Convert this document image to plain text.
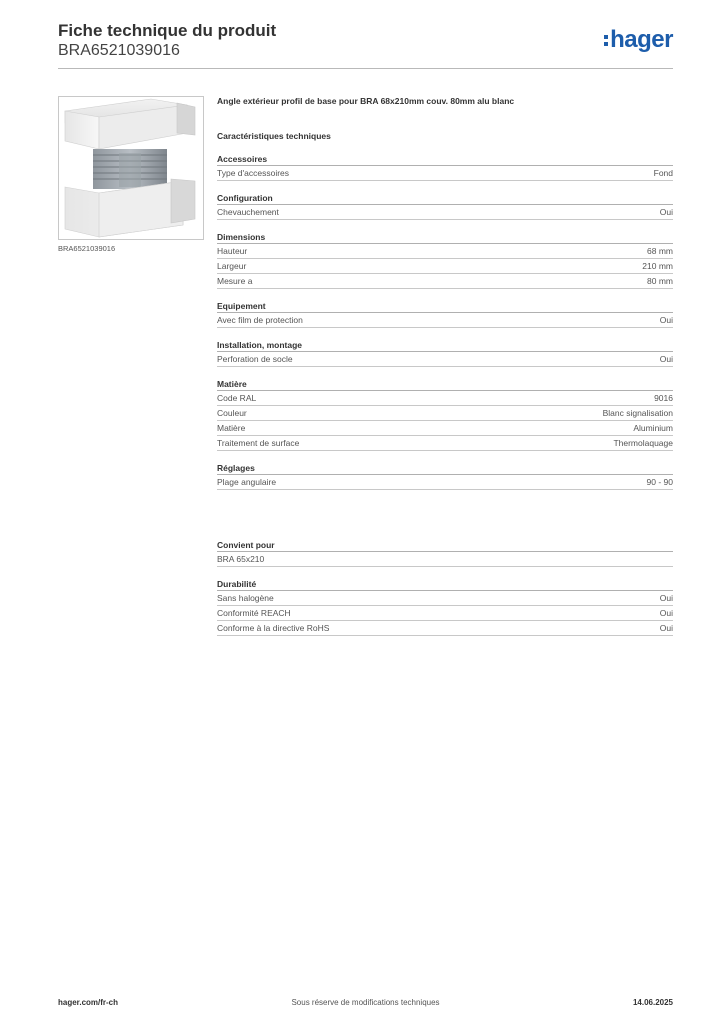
Fiche technique du produit
BRA6521039016	hager
BRA6521039016
Angle extérieur profil de base pour BRA 68x210mm couv. 80mm alu blanc
Caractéristiques techniques
Accessoires
Type d'accessoires	Fond
Configuration
Chevauchement	Oui
Dimensions
Hauteur	68 mm
Largeur	210 mm
Mesure a	80 mm
Equipement
Avec film de protection	Oui
Installation, montage
Perforation de socle	Oui
Matière
Code RAL	9016
Couleur	Blanc signalisation
Matière	Aluminium
Traitement de surface	Thermolaquage
Réglages
Plage angulaire	90 - 90
Convient pour
BRA 65x210
Durabilité
Sans halogène	Oui
Conformité REACH	Oui
Conforme à la directive RoHS	Oui
hager.com/fr-ch	Sous réserve de modifications techniques	14.06.2025
